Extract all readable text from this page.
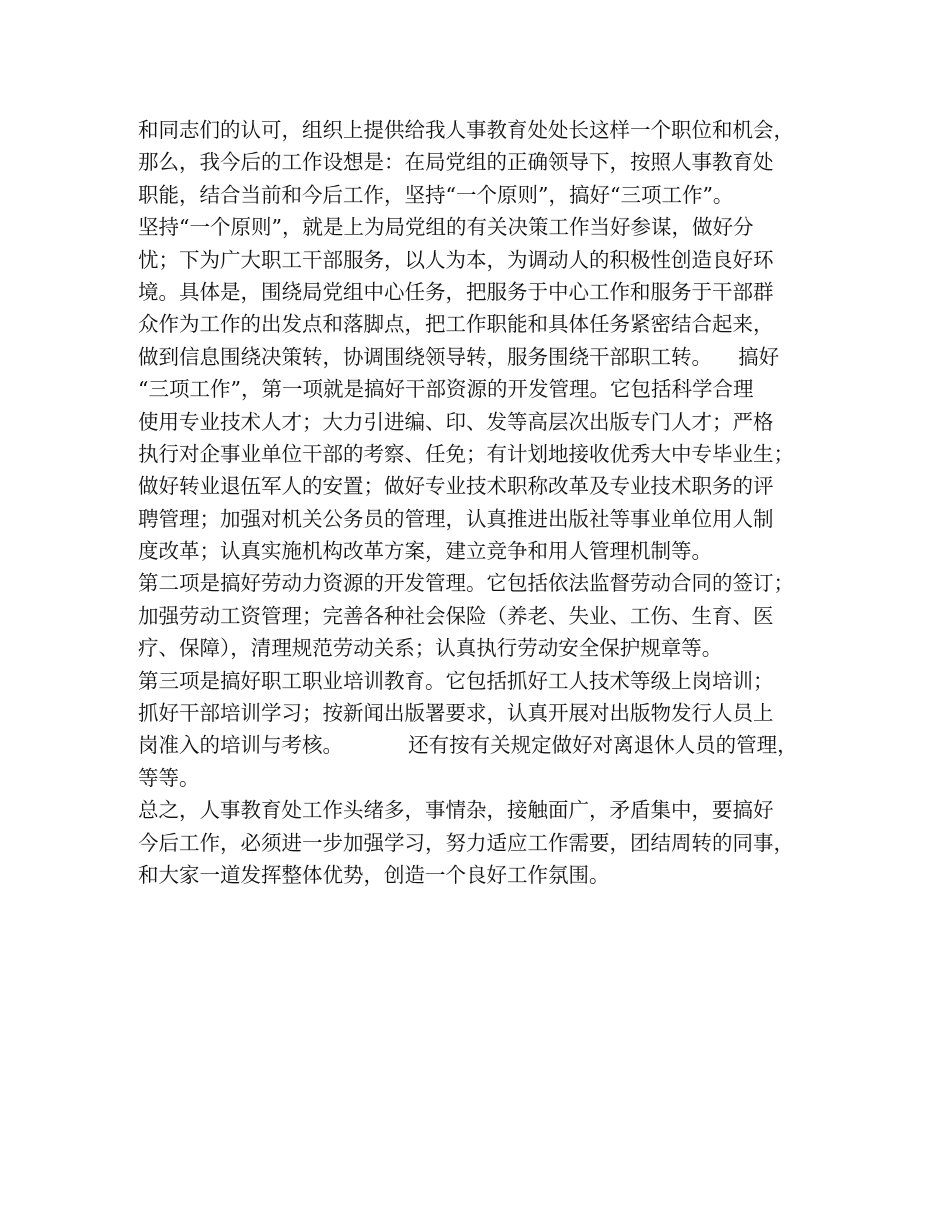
和同志们的认可，组织上提供给我人事教育处处长这样一个职位和机会，
那么，我今后的工作设想是：在局党组的正确领导下，按照人事教育处
职能，结合当前和今后工作，坚持“一个原则”，搞好“三项工作”。
坚持“一个原则”，就是上为局党组的有关决策工作当好参谋，做好分
忧；下为广大职工干部服务，以人为本，为调动人的积极性创造良好环
境。具体是，围绕局党组中心任务，把服务于中心工作和服务于干部群
众作为工作的出发点和落脚点，把工作职能和具体任务紧密结合起来，
做到信息围绕决策转，协调围绕领导转，服务围绕干部职工转。    搞好
“三项工作”，第一项就是搞好干部资源的开发管理。它包括科学合理
使用专业技术人才；大力引进编、印、发等高层次出版专门人才；严格
执行对企事业单位干部的考察、任免；有计划地接收优秀大中专毕业生；
做好转业退伍军人的安置；做好专业技术职称改革及专业技术职务的评
聘管理；加强对机关公务员的管理，认真推进出版社等事业单位用人制
度改革；认真实施机构改革方案，建立竞争和用人管理机制等。
第二项是搞好劳动力资源的开发管理。它包括依法监督劳动合同的签订；
加强劳动工资管理；完善各种社会保险（养老、失业、工伤、生育、医
疗、保障），清理规范劳动关系；认真执行劳动安全保护规章等。
第三项是搞好职工职业培训教育。它包括抓好工人技术等级上岗培训；
抓好干部培训学习；按新闻出版署要求，认真开展对出版物发行人员上
岗准入的培训与考核。          还有按有关规定做好对离退休人员的管理，
等等。
总之，人事教育处工作头绪多，事情杂，接触面广，矛盾集中，要搞好
今后工作，必须进一步加强学习，努力适应工作需要，团结周转的同事，
和大家一道发挥整体优势，创造一个良好工作氛围。
